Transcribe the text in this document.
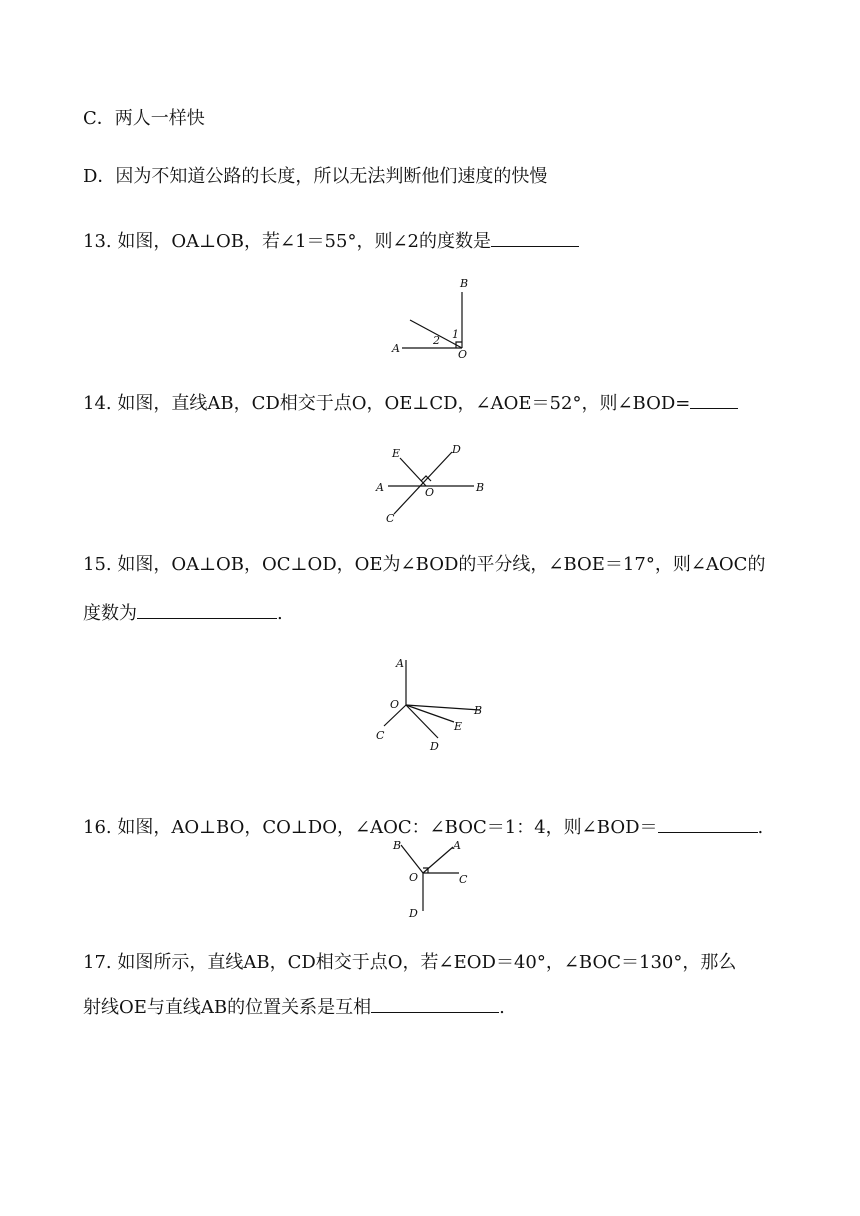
C．两人一样快
D．因为不知道公路的长度，所以无法判断他们速度的快慢
13. 如图，OA⊥OB，若∠1＝55°，则∠2的度数是
B
1
2
A	O
14. 如图，直线AB，CD相交于点O，OE⊥CD，∠AOE＝52°，则∠BOD=
E	D
A	O	B
C
15. 如图，OA⊥OB，OC⊥OD，OE为∠BOD的平分线，∠BOE＝17°，则∠AOC的
度数为	.
A
O	B
E
C
D
16. 如图，AO⊥BO，CO⊥DO，∠AOC：∠BOC＝1：4，则∠BOD＝	.
B	A
O	C
D
17. 如图所示，直线AB，CD相交于点O，若∠EOD＝40°，∠BOC＝130°，那么
射线OE与直线AB的位置关系是互相	.
